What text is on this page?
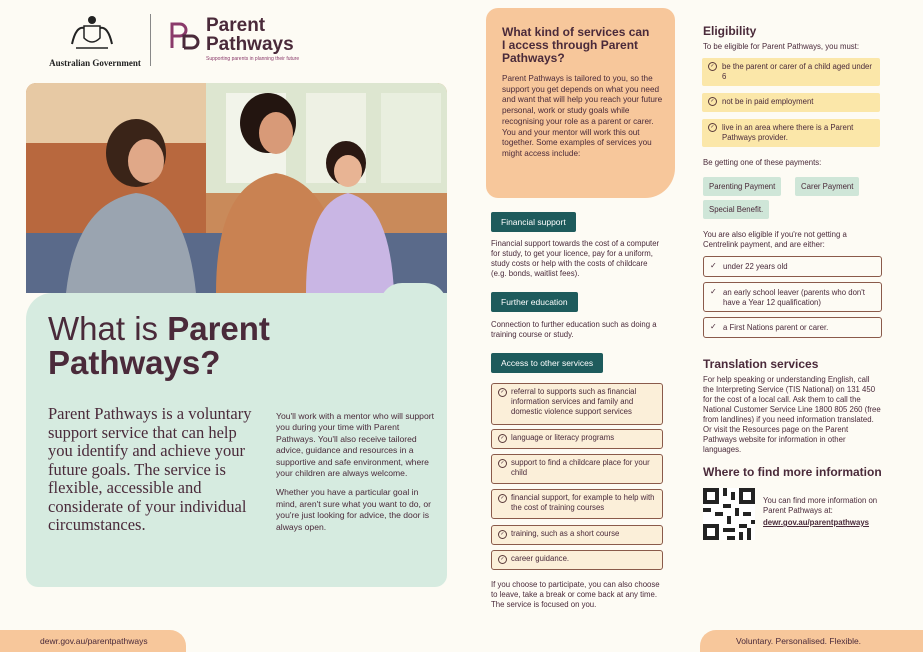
Australian Government
Parent
Pathways
Supporting parents in planning their future
What is Parent
Pathways?
Parent Pathways is a voluntary support service that can help you identify and achieve your future goals. The service is flexible, accessible and considerate of your individual circumstances.

You'll work with a mentor who will support you during your time with Parent Pathways. You'll also receive tailored advice, guidance and resources in a supportive and safe environment, where your children are always welcome.

Whether you have a particular goal in mind, aren't sure what you want to do, or you're just looking for advice, the door is always open.

dewr.gov.au/parentpathways
What kind of services can I access through Parent Pathways?

Parent Pathways is tailored to you, so the support you get depends on what you need and want that will help you reach your future personal, work or study goals while recognising your role as a parent or carer. You and your mentor will work this out together. Some examples of services you might access include:

Financial support
Financial support towards the cost of a computer for study, to get your licence, pay for a uniform, study costs or help with the costs of childcare (e.g. bonds, waitlist fees).
Further education
Connection to further education such as doing a training course or study.
Access to other services
✓ referral to supports such as financial information services and family and domestic violence support services
✓ language or literacy programs
✓ support to find a childcare place for your child
✓ financial support, for example to help with the cost of training courses
✓ training, such as a short course
✓ career guidance.
If you choose to participate, you can also choose to leave, take a break or come back at any time. The service is focused on you.
Eligibility
To be eligible for Parent Pathways, you must:
✓ be the parent or carer of a child aged under 6
✓ not be in paid employment
✓ live in an area where there is a Parent Pathways provider.
Be getting one of these payments:
Parenting Payment	Carer Payment
Special Benefit.
You are also eligible if you're not getting a Centrelink payment, and are either:
✓ under 22 years old
✓ an early school leaver (parents who don't have a Year 12 qualification)
✓ a First Nations parent or carer.
Translation services
For help speaking or understanding English, call the Interpreting Service (TIS National) on 131 450 for the cost of a local call. Ask them to call the National Customer Service Line 1800 805 260 (free from landlines) if you need information translated. Or visit the Resources page on the Parent Pathways website for information in other languages.
Where to find more information
You can find more information on Parent Pathways at:
dewr.gov.au/parentpathways
Voluntary. Personalised. Flexible.
